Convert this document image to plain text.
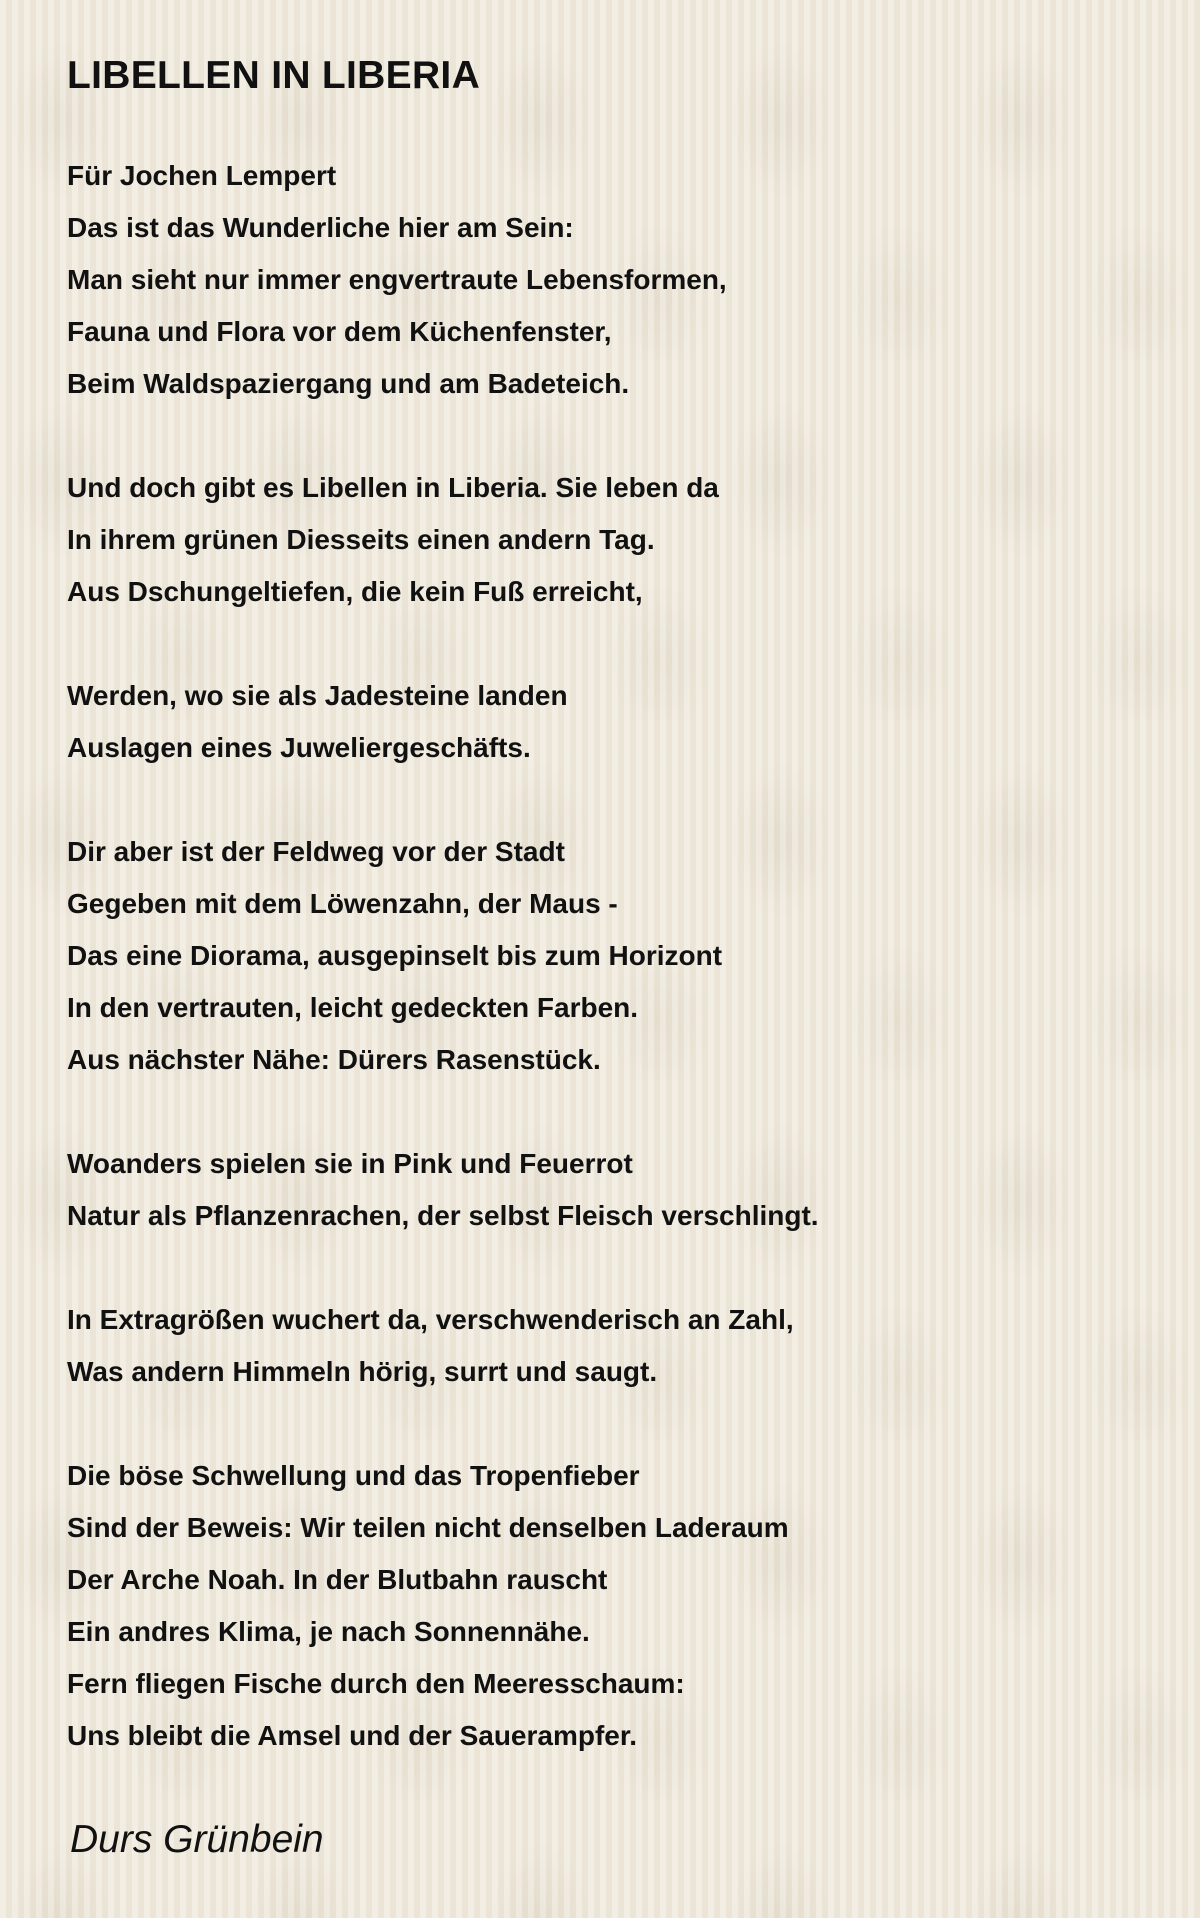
LIBELLEN IN LIBERIA
Für Jochen Lempert
Das ist das Wunderliche hier am Sein:
Man sieht nur immer engvertraute Lebensformen,
Fauna und Flora vor dem Küchenfenster,
Beim Waldspaziergang und am Badeteich.
Und doch gibt es Libellen in Liberia. Sie leben da
In ihrem grünen Diesseits einen andern Tag.
Aus Dschungeltiefen, die kein Fuß erreicht,
Werden, wo sie als Jadesteine landen
Auslagen eines Juweliergeschäfts.
Dir aber ist der Feldweg vor der Stadt
Gegeben mit dem Löwenzahn, der Maus -
Das eine Diorama, ausgepinselt bis zum Horizont
In den vertrauten, leicht gedeckten Farben.
Aus nächster Nähe: Dürers Rasenstück.
Woanders spielen sie in Pink und Feuerrot
Natur als Pflanzenrachen, der selbst Fleisch verschlingt.
In Extragrößen wuchert da, verschwenderisch an Zahl,
Was andern Himmeln hörig, surrt und saugt.
Die böse Schwellung und das Tropenfieber
Sind der Beweis: Wir teilen nicht denselben Laderaum
Der Arche Noah. In der Blutbahn rauscht
Ein andres Klima, je nach Sonnennähe.
Fern fliegen Fische durch den Meeresschaum:
Uns bleibt die Amsel und der Sauerampfer.

Durs Grünbein
